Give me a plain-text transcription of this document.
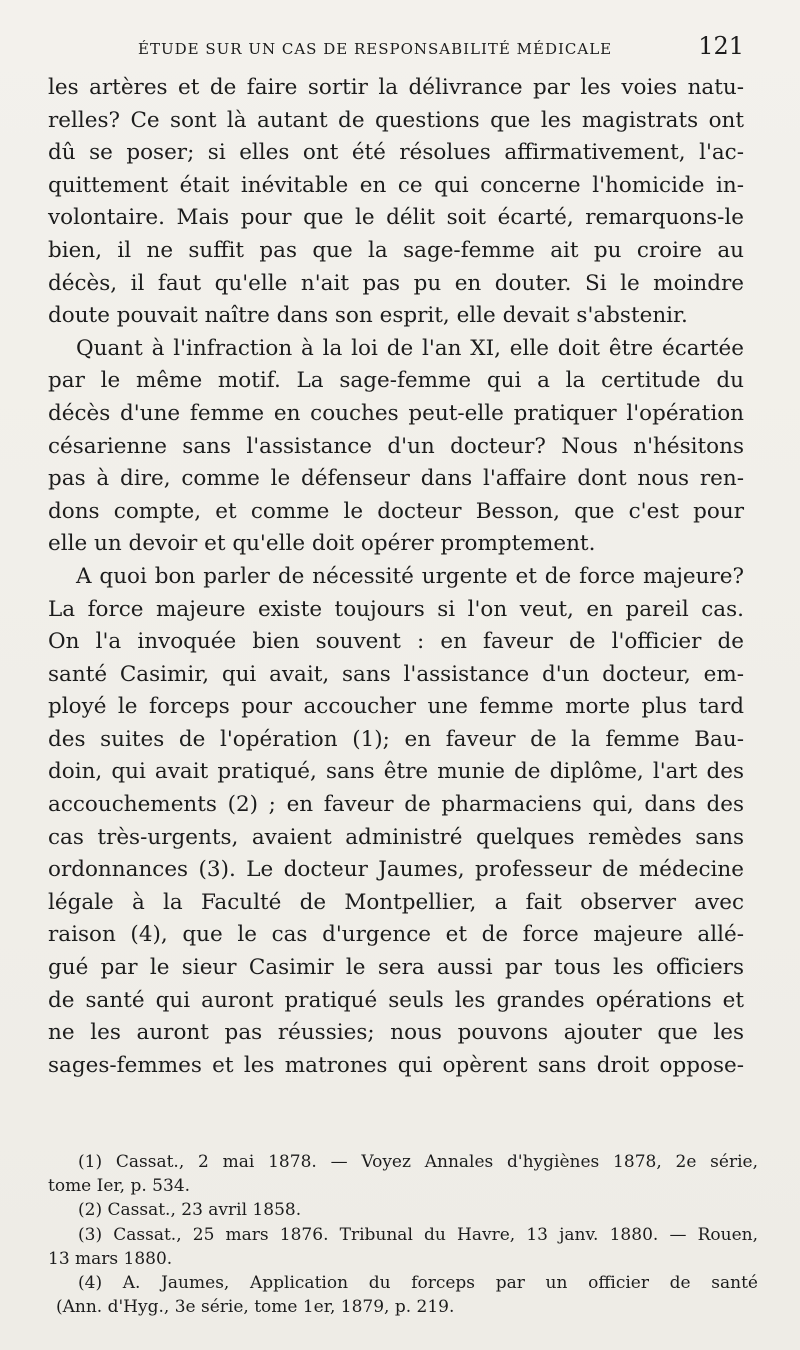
ÉTUDE SUR UN CAS DE RESPONSABILITÉ MÉDICALE	121
les artères et de faire sortir la délivrance par les voies natu-
relles? Ce sont là autant de questions que les magistrats ont
dû se poser; si elles ont été résolues affirmativement, l'ac-
quittement était inévitable en ce qui concerne l'homicide in-
volontaire. Mais pour que le délit soit écarté, remarquons-le
bien, il ne suffit pas que la sage-femme ait pu croire au
décès, il faut qu'elle n'ait pas pu en douter. Si le moindre
doute pouvait naître dans son esprit, elle devait s'abstenir.
Quant à l'infraction à la loi de l'an XI, elle doit être écartée
par le même motif. La sage-femme qui a la certitude du
décès d'une femme en couches peut-elle pratiquer l'opération
césarienne sans l'assistance d'un docteur? Nous n'hésitons
pas à dire, comme le défenseur dans l'affaire dont nous ren-
dons compte, et comme le docteur Besson, que c'est pour
elle un devoir et qu'elle doit opérer promptement.
A quoi bon parler de nécessité urgente et de force majeure?
La force majeure existe toujours si l'on veut, en pareil cas.
On l'a invoquée bien souvent : en faveur de l'officier de
santé Casimir, qui avait, sans l'assistance d'un docteur, em-
ployé le forceps pour accoucher une femme morte plus tard
des suites de l'opération (1); en faveur de la femme Bau-
doin, qui avait pratiqué, sans être munie de diplôme, l'art des
accouchements (2) ; en faveur de pharmaciens qui, dans des
cas très-urgents, avaient administré quelques remèdes sans
ordonnances (3). Le docteur Jaumes, professeur de médecine
légale à la Faculté de Montpellier, a fait observer avec
raison (4), que le cas d'urgence et de force majeure allé-
gué par le sieur Casimir le sera aussi par tous les officiers
de santé qui auront pratiqué seuls les grandes opérations et
ne les auront pas réussies; nous pouvons ajouter que les
sages-femmes et les matrones qui opèrent sans droit oppose-
(1) Cassat., 2 mai 1878. — Voyez Annales d'hygiènes 1878, 2e série,
tome Ier, p. 534.
(2) Cassat., 23 avril 1858.
(3) Cassat., 25 mars 1876. Tribunal du Havre, 13 janv. 1880. — Rouen,
13 mars 1880.
(4) A. Jaumes, Application du forceps par un officier de santé
(Ann. d'Hyg., 3e série, tome 1er, 1879, p. 219.
